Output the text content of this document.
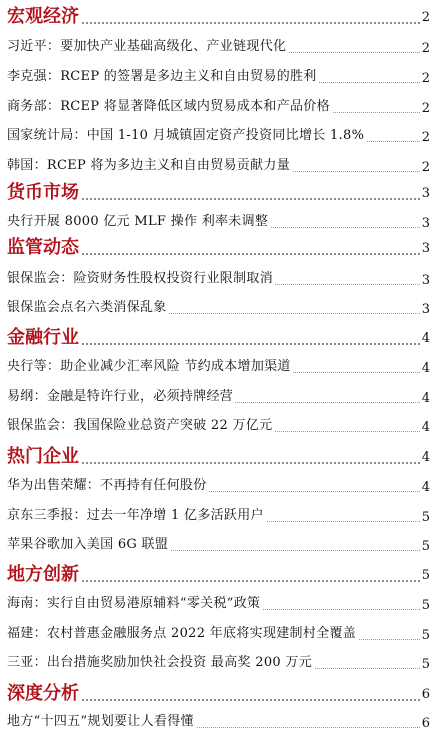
宏观经济	2
习近平：要加快产业基础高级化、产业链现代化	2
李克强：RCEP 的签署是多边主义和自由贸易的胜利	2
商务部：RCEP 将显著降低区域内贸易成本和产品价格	2
国家统计局：中国 1-10 月城镇固定资产投资同比增长 1.8%	2
韩国：RCEP 将为多边主义和自由贸易贡献力量	2
货币市场	3
央行开展 8000 亿元 MLF 操作 利率未调整	3
监管动态	3
银保监会：险资财务性股权投资行业限制取消	3
银保监会点名六类消保乱象	3
金融行业	4
央行等：助企业减少汇率风险 节约成本增加渠道	4
易纲：金融是特许行业，必须持牌经营	4
银保监会：我国保险业总资产突破 22 万亿元	4
热门企业	4
华为出售荣耀：不再持有任何股份	4
京东三季报：过去一年净增 1 亿多活跃用户	5
苹果谷歌加入美国 6G 联盟	5
地方创新	5
海南：实行自由贸易港原辅料“零关税”政策	5
福建：农村普惠金融服务点 2022 年底将实现建制村全覆盖	5
三亚：出台措施奖励加快社会投资 最高奖 200 万元	5
深度分析	6
地方“十四五”规划要让人看得懂	6
